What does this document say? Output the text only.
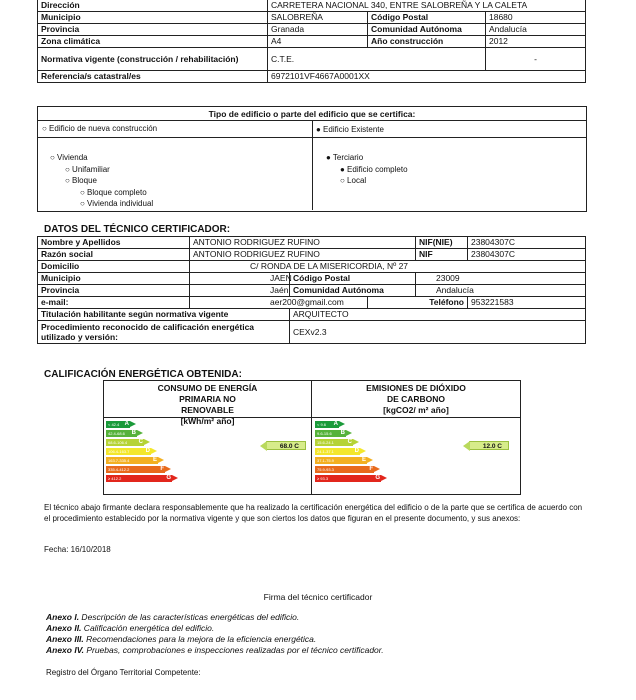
Dirección	CARRETERA NACIONAL 340, ENTRE SALOBREÑA Y LA CALETA		
Municipio	SALOBREÑA	Código Postal	18680
Provincia	Granada	Comunidad Autónoma	Andalucía
Zona climática	A4	Año construcción	2012
Normativa vigente (construcción / rehabilitación)	C.T.E.		-
Referencia/s catastral/es	6972101VF4667A0001XX		
Tipo de edificio o parte del edificio que se certifica:
○ Edificio de nueva construcción	● Edificio Existente
○ Vivienda
○ Unifamiliar
○ Bloque
○ Bloque completo
○ Vivienda individual
● Terciario
● Edificio completo
○ Local
DATOS DEL TÉCNICO CERTIFICADOR:
Nombre y Apellidos	ANTONIO RODRIGUEZ RUFINO			NIF(NIE)	23804307C
Razón social	ANTONIO RODRIGUEZ RUFINO			NIF	23804307C
Domicilio	C/ RONDA DE LA MISERICORDIA, Nº 27				
Municipio	JAEN	Código Postal		23009	
Provincia	Jaén	Comunidad Autónoma		Andalucía	
e-mail:	aer200@gmail.com		Teléfono		953221583
Titulación habilitante según normativa vigente		ARQUITECTO			
Procedimiento reconocido de calificación energética utilizado y versión:		CEXv2.3			
CALIFICACIÓN ENERGÉTICA OBTENIDA:
CONSUMO DE ENERGÍA PRIMARIA NO RENOVABLE
[kWh/m² año]
EMISIONES DE DIÓXIDO DE CARBONO
[kgCO2/ m² año]
< 42.4 A
42.4-68.6 B
68.6-106.4 C
106.4-163.7	D
163.7-335.4	E
335.4-412.2	F
≥ 412.2	G
< 9.6 A
9.6-15.6 B
15.6-24.1 C
24.1-37.1	D
37.1-75.9	E
75.9-93.3	F
≥ 93.3	G
68.0 C	12.0 C

El técnico abajo firmante declara responsablemente que ha realizado la certificación energética del edificio o de la parte que se certifica de acuerdo con el procedimiento establecido por la normativa vigente y que son ciertos los datos que figuran en el presente documento, y sus anexos:

Fecha: 16/10/2018
Firma del técnico certificador
Anexo I. Descripción de las características energéticas del edificio.
Anexo II. Calificación energética del edificio.
Anexo III. Recomendaciones para la mejora de la eficiencia energética.
Anexo IV. Pruebas, comprobaciones e inspecciones realizadas por el técnico certificador.
Registro del Órgano Territorial Competente:
